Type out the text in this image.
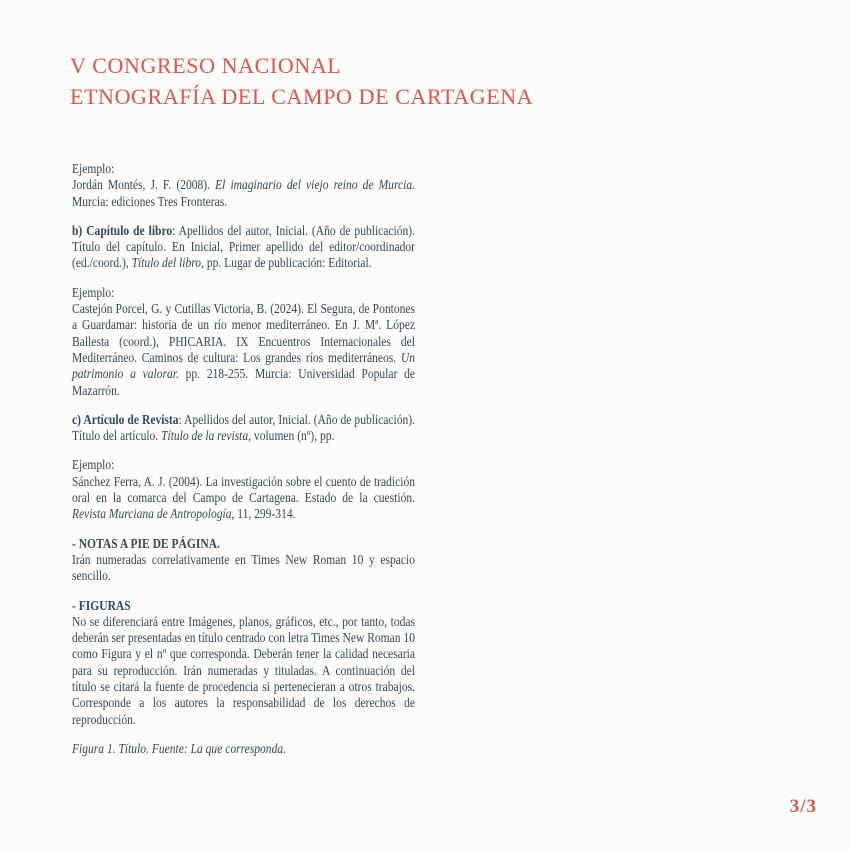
V CONGRESO NACIONAL
ETNOGRAFÍA DEL CAMPO DE CARTAGENA

Ejemplo:
Jordán Montés, J. F. (2008). El imaginario del viejo reino de Murcia. Murcia: ediciones Tres Fronteras.

b) Capítulo de libro: Apellidos del autor, Inicial. (Año de publicación). Título del capítulo. En Inicial, Primer apellido del editor/coordinador (ed./coord.), Título del libro, pp. Lugar de publicación: Editorial.

Ejemplo:
Castejón Porcel, G. y Cutillas Victoria, B. (2024). El Segura, de Pontones a Guardamar: historia de un río menor mediterráneo. En J. Mª. López Ballesta (coord.), PHICARIA. IX Encuentros Internacionales del Mediterráneo. Caminos de cultura: Los grandes ríos mediterráneos. Un patrimonio a valorar. pp. 218-255. Murcia: Universidad Popular de Mazarrón.

c) Artículo de Revista: Apellidos del autor, Inicial. (Año de publicación). Título del artículo. Título de la revista, volumen (nº), pp.

Ejemplo:
Sánchez Ferra, A. J. (2004). La investigación sobre el cuento de tradición oral en la comarca del Campo de Cartagena. Estado de la cuestión. Revista Murciana de Antropología, 11, 299-314.

- NOTAS A PIE DE PÁGINA.
Irán numeradas correlativamente en Times New Roman 10 y espacio sencillo.

- FIGURAS
No se diferenciará entre Imágenes, planos, gráficos, etc., por tanto, todas deberán ser presentadas en título centrado con letra Times New Roman 10 como Figura y el nº que corresponda. Deberán tener la calidad necesaria para su reproducción. Irán numeradas y tituladas. A continuación del título se citará la fuente de procedencia si pertenecieran a otros trabajos. Corresponde a los autores la responsabilidad de los derechos de reproducción.

Figura 1. Título. Fuente: La que corresponda.

3/3
